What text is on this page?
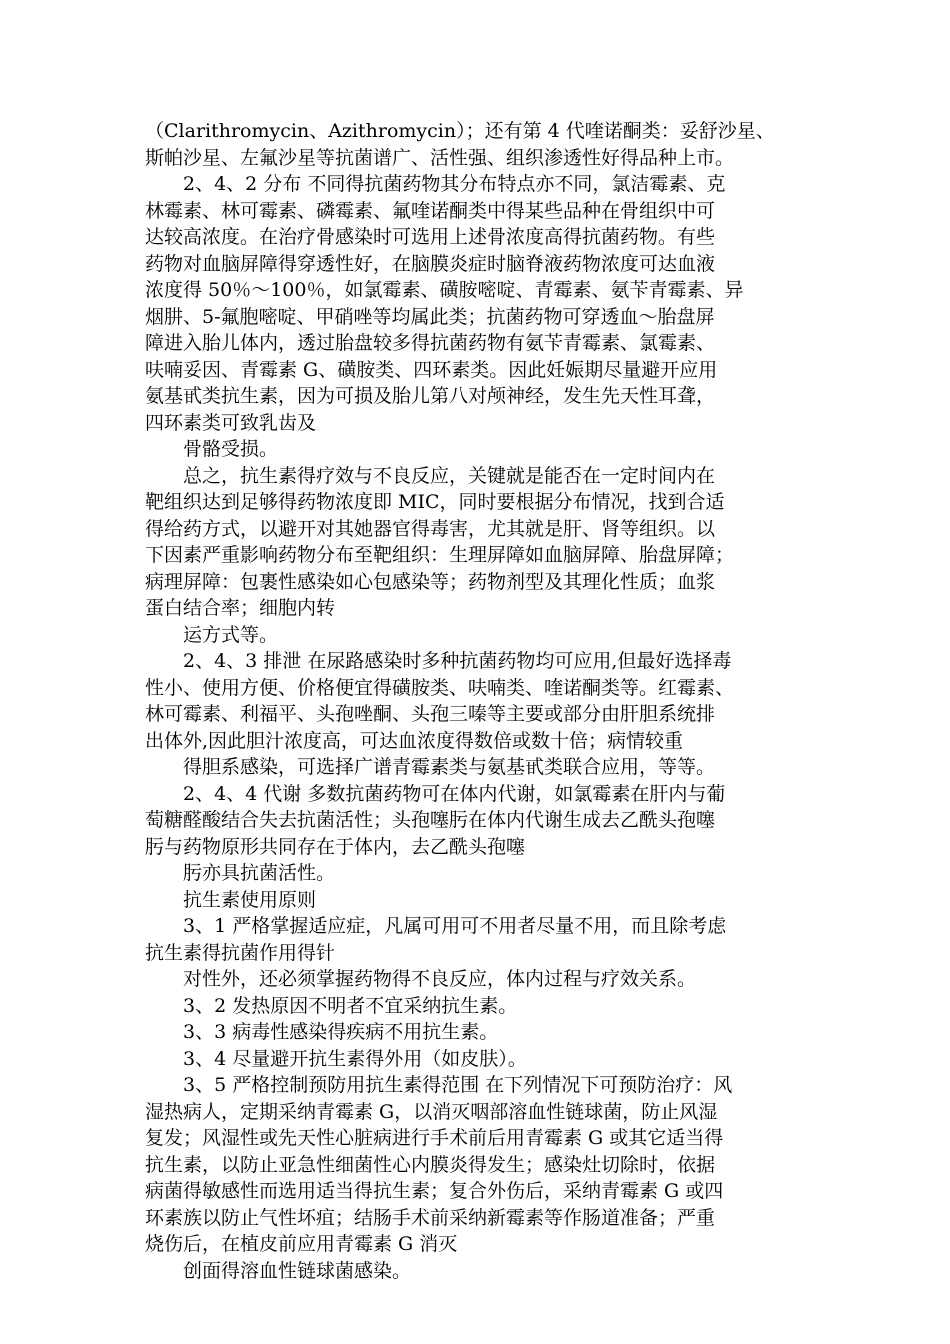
（Clarithromycin、Azithromycin）；还有第 4 代喹诺酮类：妥舒沙星、
斯帕沙星、左氟沙星等抗菌谱广、活性强、组织渗透性好得品种上市。
2、4、2 分布 不同得抗菌药物其分布特点亦不同，氯洁霉素、克
林霉素、林可霉素、磷霉素、氟喹诺酮类中得某些品种在骨组织中可
达较高浓度。在治疗骨感染时可选用上述骨浓度高得抗菌药物。有些
药物对血脑屏障得穿透性好，在脑膜炎症时脑脊液药物浓度可达血液
浓度得 50％～100％，如氯霉素、磺胺嘧啶、青霉素、氨苄青霉素、异
烟肼、5-氟胞嘧啶、甲硝唑等均属此类；抗菌药物可穿透血～胎盘屏
障进入胎儿体内，透过胎盘较多得抗菌药物有氨苄青霉素、氯霉素、
呋喃妥因、青霉素 G、磺胺类、四环素类。因此妊娠期尽量避开应用
氨基甙类抗生素，因为可损及胎儿第八对颅神经，发生先天性耳聋，
四环素类可致乳齿及
骨骼受损。
总之，抗生素得疗效与不良反应，关键就是能否在一定时间内在
靶组织达到足够得药物浓度即 MIC，同时要根据分布情况，找到合适
得给药方式，以避开对其她器官得毒害，尤其就是肝、肾等组织。以
下因素严重影响药物分布至靶组织：生理屏障如血脑屏障、胎盘屏障；
病理屏障：包裹性感染如心包感染等；药物剂型及其理化性质；血浆
蛋白结合率；细胞内转
运方式等。
2、4、3 排泄 在尿路感染时多种抗菌药物均可应用,但最好选择毒
性小、使用方便、价格便宜得磺胺类、呋喃类、喹诺酮类等。红霉素、
林可霉素、利福平、头孢唑酮、头孢三嗪等主要或部分由肝胆系统排
出体外,因此胆汁浓度高，可达血浓度得数倍或数十倍；病情较重
得胆系感染，可选择广谱青霉素类与氨基甙类联合应用，等等。
2、4、4 代谢 多数抗菌药物可在体内代谢，如氯霉素在肝内与葡
萄糖醛酸结合失去抗菌活性；头孢噻肟在体内代谢生成去乙酰头孢噻
肟与药物原形共同存在于体内，去乙酰头孢噻
肟亦具抗菌活性。
抗生素使用原则
3、1 严格掌握适应症，凡属可用可不用者尽量不用，而且除考虑
抗生素得抗菌作用得针
对性外，还必须掌握药物得不良反应，体内过程与疗效关系。
3、2 发热原因不明者不宜采纳抗生素。
3、3 病毒性感染得疾病不用抗生素。
3、4 尽量避开抗生素得外用（如皮肤）。
3、5 严格控制预防用抗生素得范围 在下列情况下可预防治疗：风
湿热病人，定期采纳青霉素 G，以消灭咽部溶血性链球菌，防止风湿
复发；风湿性或先天性心脏病进行手术前后用青霉素 G 或其它适当得
抗生素，以防止亚急性细菌性心内膜炎得发生；感染灶切除时，依据
病菌得敏感性而选用适当得抗生素；复合外伤后，采纳青霉素 G 或四
环素族以防止气性坏疽；结肠手术前采纳新霉素等作肠道准备；严重
烧伤后，在植皮前应用青霉素 G 消灭
创面得溶血性链球菌感染。
